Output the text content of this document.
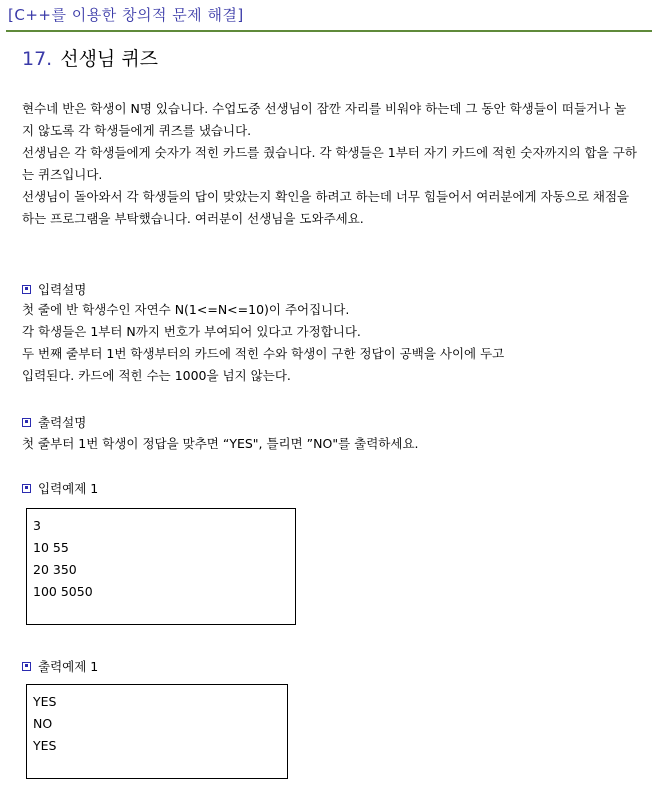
[C++를 이용한 창의적 문제 해결]
17. 선생님 퀴즈

현수네 반은 학생이 N명 있습니다. 수업도중 선생님이 잠깐 자리를 비워야 하는데 그 동안 학생들이 떠들거나 놀지 않도록 각 학생들에게 퀴즈를 냈습니다.

선생님은 각 학생들에게 숫자가 적힌 카드를 줬습니다. 각 학생들은 1부터 자기 카드에 적힌 숫자까지의 합을 구하는 퀴즈입니다.

선생님이 돌아와서 각 학생들의 답이 맞았는지 확인을 하려고 하는데 너무 힘들어서 여러분에게 자동으로 채점을 하는 프로그램을 부탁했습니다. 여러분이 선생님을 도와주세요.

입력설명

첫 줄에 반 학생수인 자연수 N(1<=N<=10)이 주어집니다.

각 학생들은 1부터 N까지 번호가 부여되어 있다고 가정합니다.

두 번째 줄부터 1번 학생부터의 카드에 적힌 수와 학생이 구한 정답이 공백을 사이에 두고

입력된다. 카드에 적힌 수는 1000을 넘지 않는다.

출력설명

첫 줄부터 1번 학생이 정답을 맞추면 “YES", 틀리면 ”NO"를 출력하세요.

입력예제 1
3
10 55
20 350
100 5050
출력예제 1
YES
NO
YES
